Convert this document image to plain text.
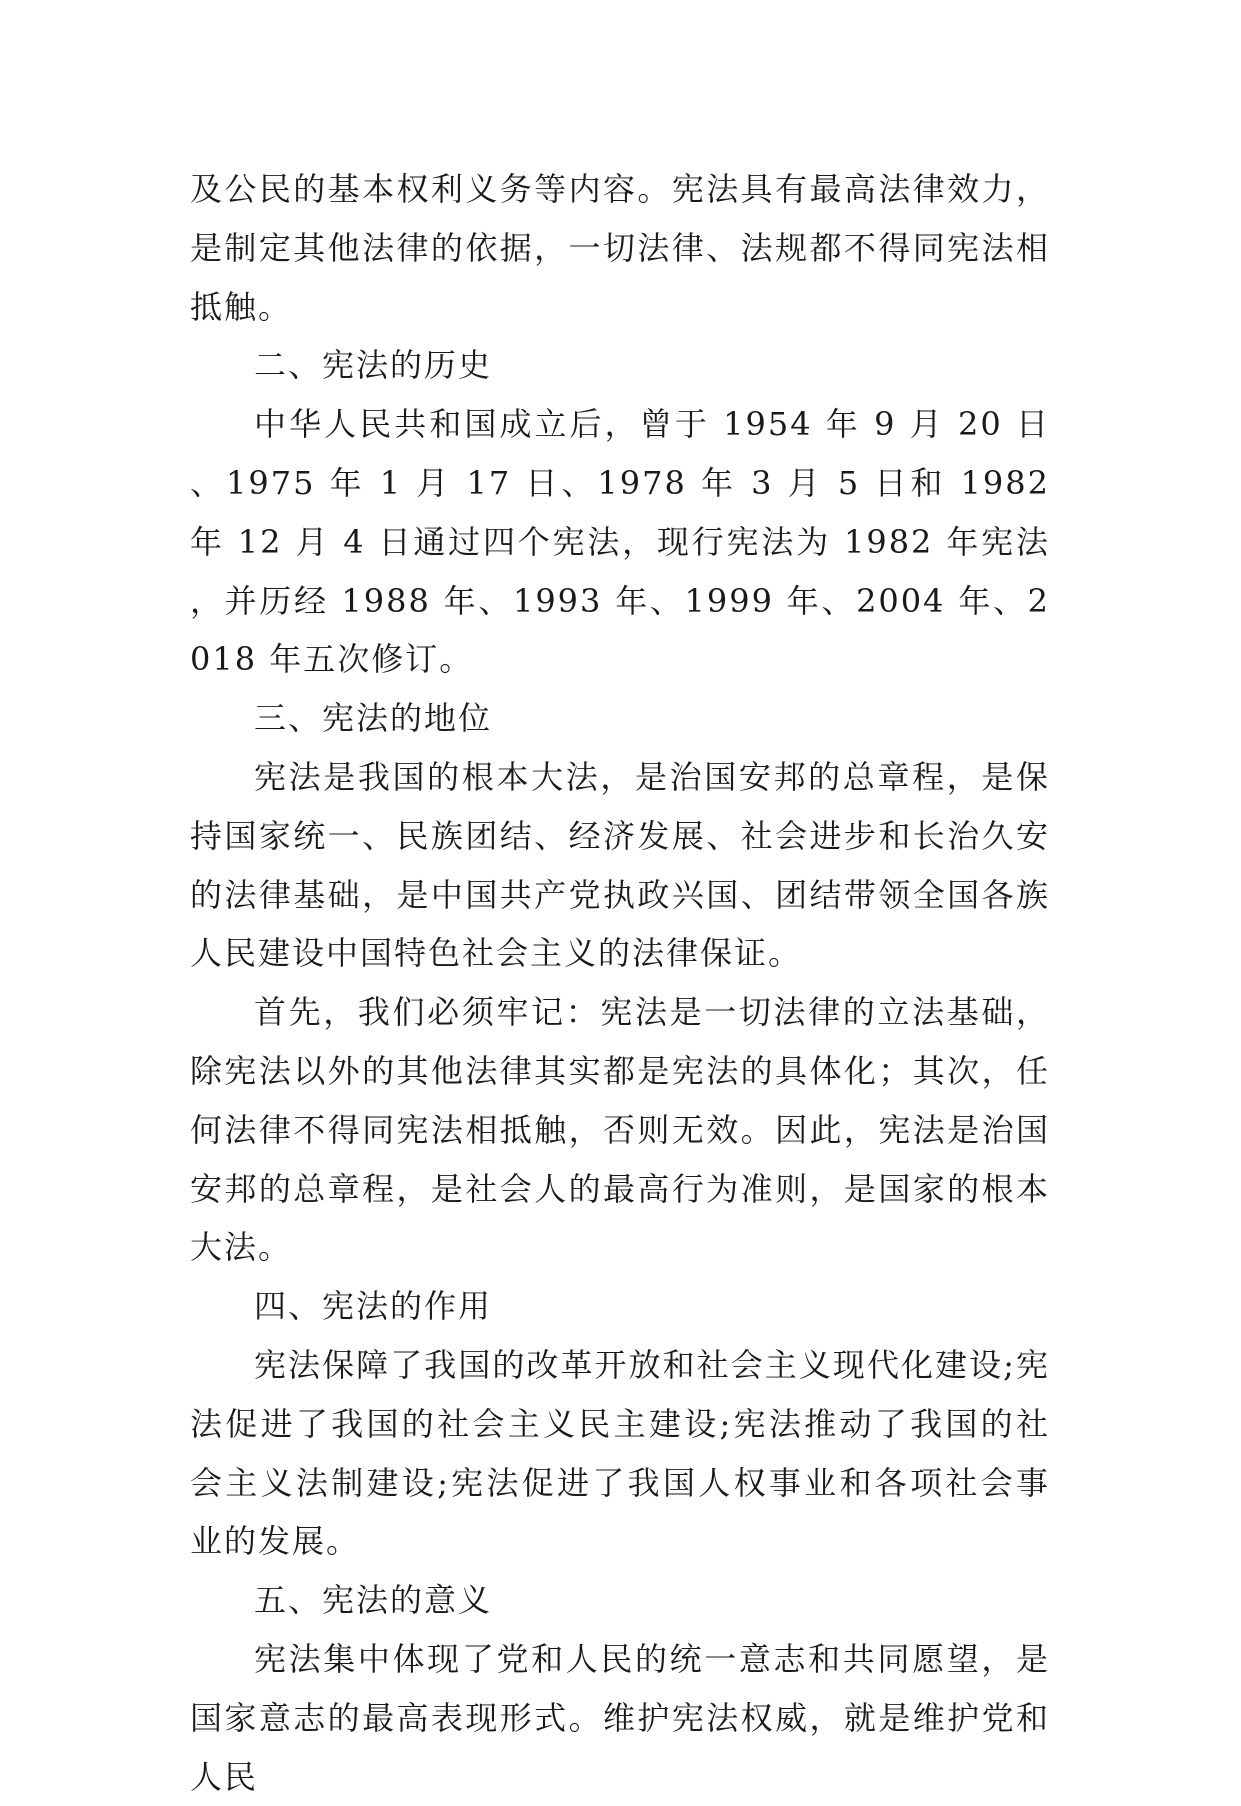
及公民的基本权利义务等内容。宪法具有最高法律效力，是制定其他法律的依据，一切法律、法规都不得同宪法相抵触。

二、宪法的历史

中华人民共和国成立后，曾于 1954 年 9 月 20 日、1975 年 1 月 17 日、1978 年 3 月 5 日和 1982 年 12 月 4 日通过四个宪法，现行宪法为 1982 年宪法，并历经 1988 年、1993 年、1999 年、2004 年、2018 年五次修订。

三、宪法的地位

宪法是我国的根本大法，是治国安邦的总章程，是保持国家统一、民族团结、经济发展、社会进步和长治久安的法律基础，是中国共产党执政兴国、团结带领全国各族人民建设中国特色社会主义的法律保证。

首先，我们必须牢记：宪法是一切法律的立法基础，除宪法以外的其他法律其实都是宪法的具体化；其次，任何法律不得同宪法相抵触，否则无效。因此，宪法是治国安邦的总章程，是社会人的最高行为准则，是国家的根本大法。

四、宪法的作用

宪法保障了我国的改革开放和社会主义现代化建设;宪法促进了我国的社会主义民主建设;宪法推动了我国的社会主义法制建设;宪法促进了我国人权事业和各项社会事业的发展。

五、宪法的意义

宪法集中体现了党和人民的统一意志和共同愿望，是国家意志的最高表现形式。维护宪法权威，就是维护党和人民
